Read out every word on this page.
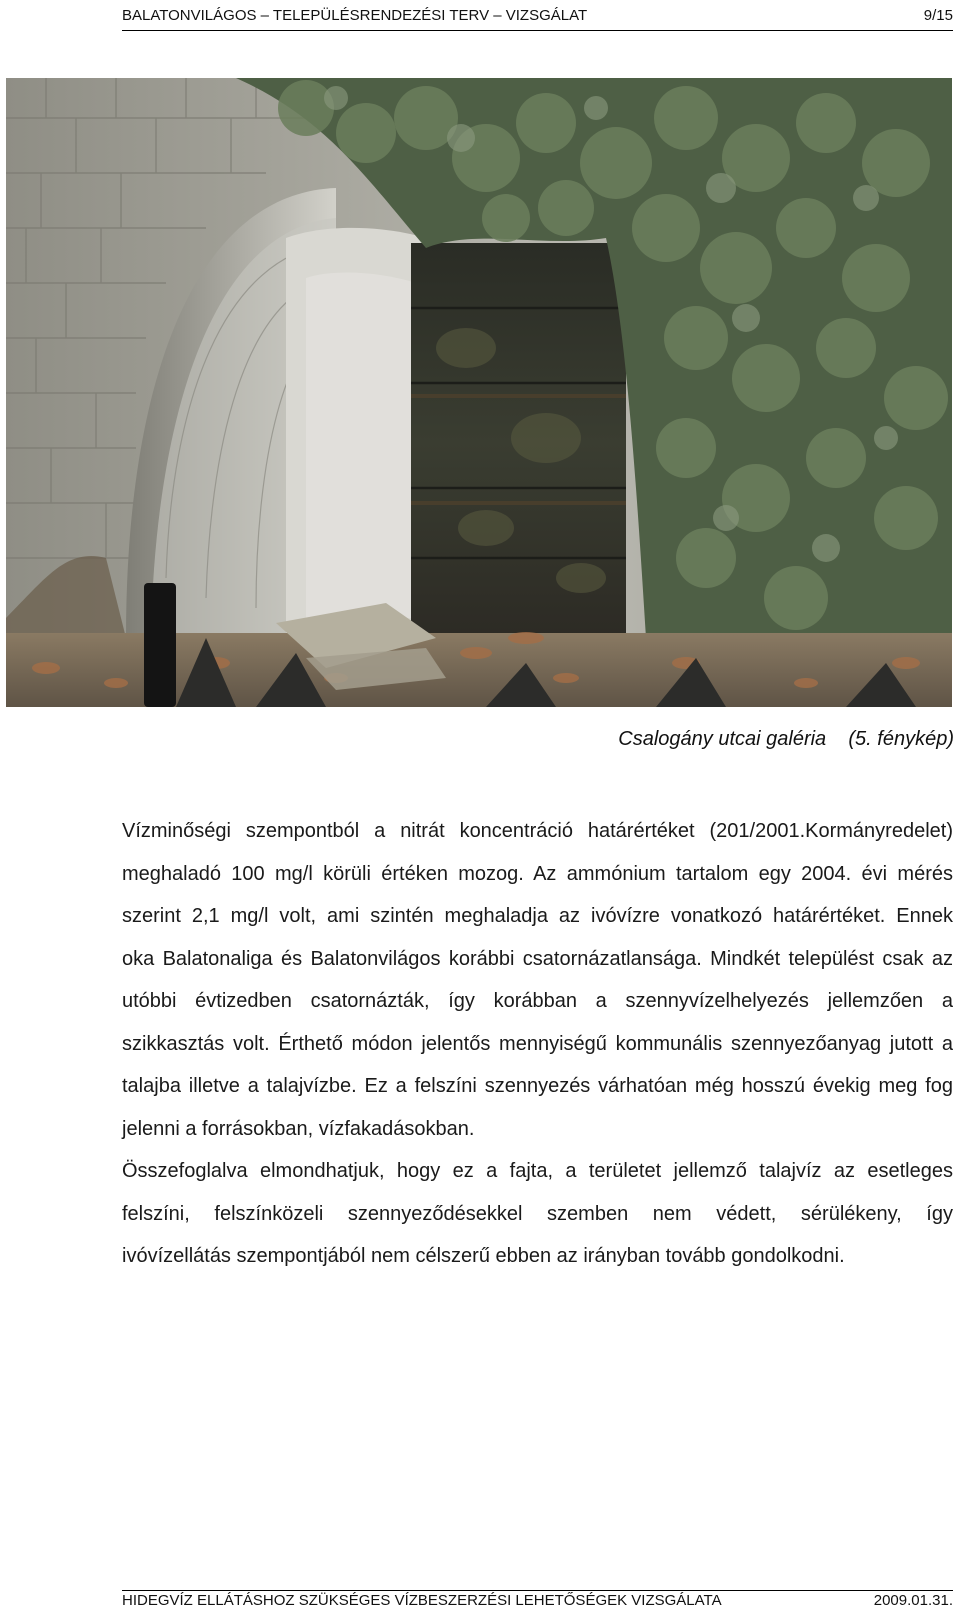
BALATONVILÁGOS – TELEPÜLÉSRENDEZÉSI TERV – VIZSGÁLAT	9/15
Csalogány utcai galéria    (5. fénykép)

Vízminőségi szempontból a nitrát koncentráció határértéket (201/2001.Kormányredelet)
meghaladó 100 mg/l körüli értéken mozog. Az ammónium tartalom egy 2004. évi mérés
szerint 2,1 mg/l volt, ami szintén meghaladja az ivóvízre vonatkozó határértéket. Ennek
oka Balatonaliga és Balatonvilágos korábbi csatornázatlansága. Mindkét települést csak az
utóbbi évtizedben csatornázták, így korábban a szennyvízelhelyezés jellemzően a
szikkasztás volt. Érthető módon jelentős mennyiségű kommunális szennyezőanyag jutott a
talajba illetve a talajvízbe. Ez a felszíni szennyezés várhatóan még hosszú évekig meg fog
jelenni a forrásokban, vízfakadásokban.

Összefoglalva elmondhatjuk, hogy ez a fajta, a területet jellemző talajvíz az esetleges
felszíni, felszínközeli szennyeződésekkel szemben nem védett, sérülékeny, így
ivóvízellátás szempontjából nem célszerű ebben az irányban tovább gondolkodni.

HIDEGVÍZ ELLÁTÁSHOZ SZÜKSÉGES VÍZBESZERZÉSI LEHETŐSÉGEK VIZSGÁLATA	2009.01.31.
